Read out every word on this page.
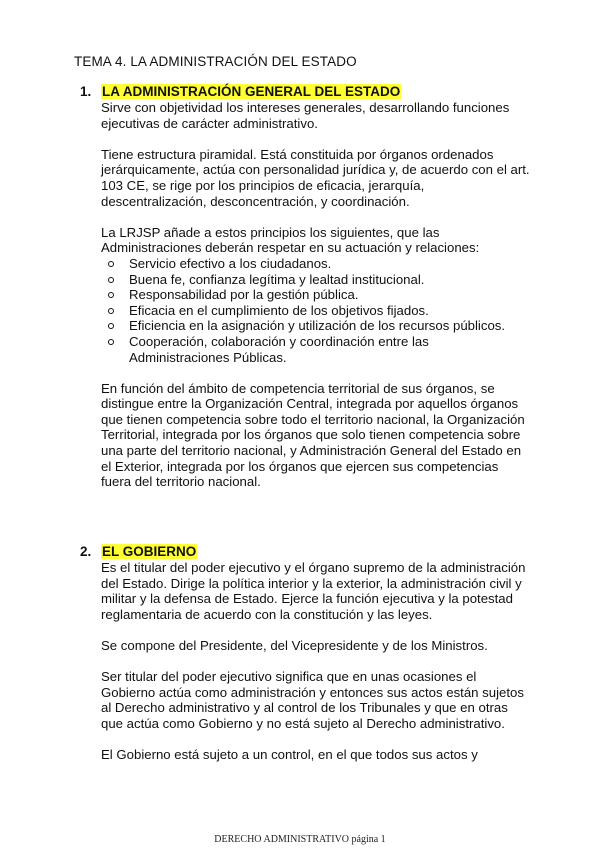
TEMA 4. LA ADMINISTRACIÓN DEL ESTADO
1. LA ADMINISTRACIÓN GENERAL DEL ESTADO

Sirve con objetividad los intereses generales, desarrollando funciones ejecutivas de carácter administrativo.

Tiene estructura piramidal. Está constituida por órganos ordenados jerárquicamente, actúa con personalidad jurídica y, de acuerdo con el art. 103 CE, se rige por los principios de eficacia, jerarquía, descentralización, desconcentración, y coordinación.

La LRJSP añade a estos principios los siguientes, que las Administraciones deberán respetar en su actuación y relaciones:

Servicio efectivo a los ciudadanos.
Buena fe, confianza legítima y lealtad institucional.
Responsabilidad por la gestión pública.
Eficacia en el cumplimiento de los objetivos fijados.
Eficiencia en la asignación y utilización de los recursos públicos.
Cooperación, colaboración y coordinación entre las Administraciones Públicas.

En función del ámbito de competencia territorial de sus órganos, se distingue entre la Organización Central, integrada por aquellos órganos que tienen competencia sobre todo el territorio nacional, la Organización Territorial, integrada por los órganos que solo tienen competencia sobre una parte del territorio nacional, y Administración General del Estado en el Exterior, integrada por los órganos que ejercen sus competencias fuera del territorio nacional.

2. EL GOBIERNO

Es el titular del poder ejecutivo y el órgano supremo de la administración del Estado. Dirige la política interior y la exterior, la administración civil y militar y la defensa de Estado. Ejerce la función ejecutiva y la potestad reglamentaria de acuerdo con la constitución y las leyes.

Se compone del Presidente, del Vicepresidente y de los Ministros.

Ser titular del poder ejecutivo significa que en unas ocasiones el Gobierno actúa como administración y entonces sus actos están sujetos al Derecho administrativo y al control de los Tribunales y que en otras que actúa como Gobierno y no está sujeto al Derecho administrativo.

El Gobierno está sujeto a un control, en el que todos sus actos y

DERECHO ADMINISTRATIVO página 1
